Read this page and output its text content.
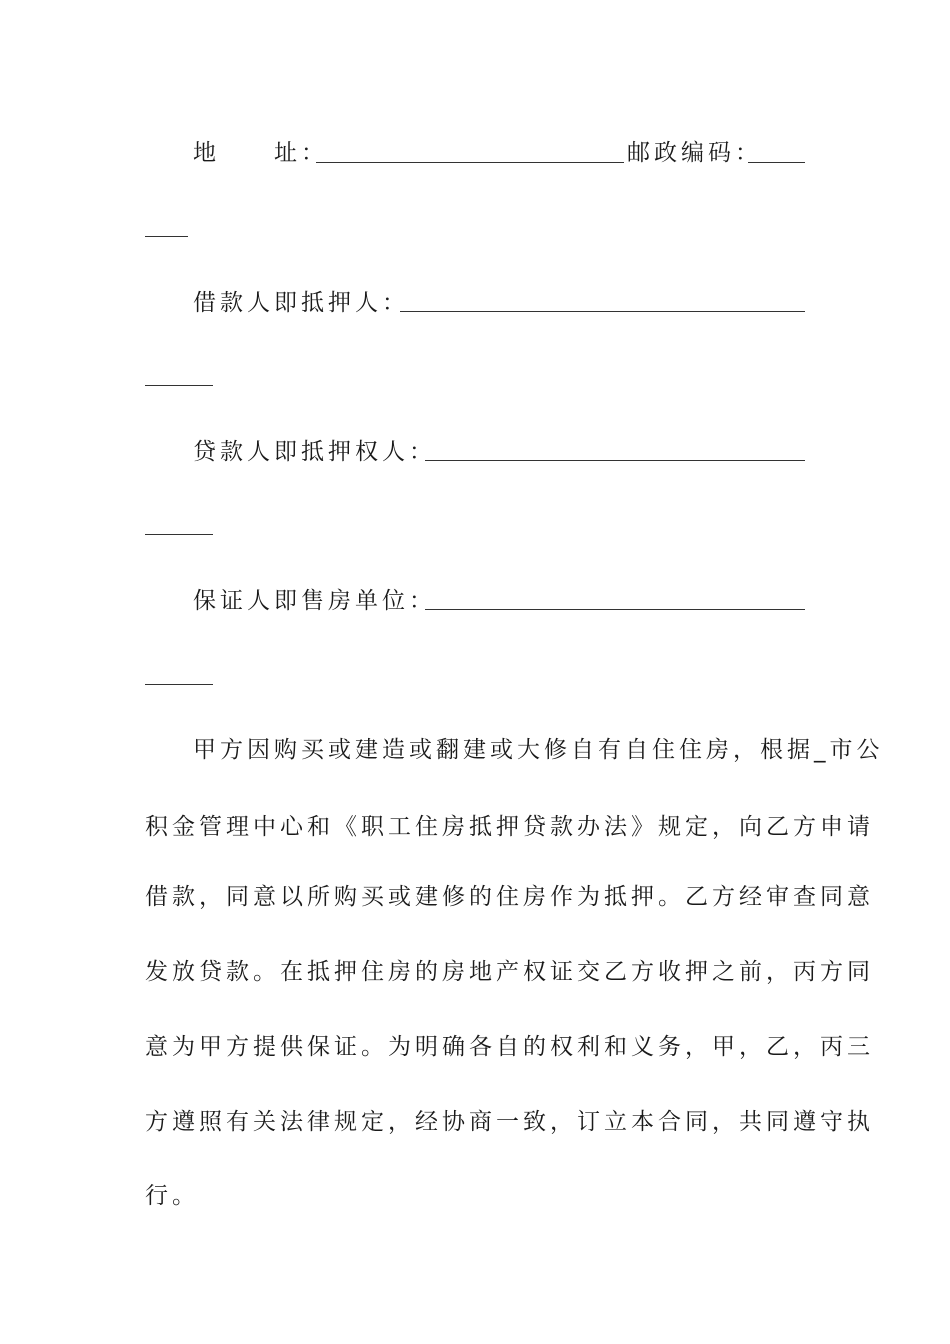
地　　址：	邮政编码：
借款人即抵押人：
贷款人即抵押权人：
保证人即售房单位：
甲方因购买或建造或翻建或大修自有自住住房，根据_市公
积金管理中心和《职工住房抵押贷款办法》规定，向乙方申请
借款，同意以所购买或建修的住房作为抵押。乙方经审查同意
发放贷款。在抵押住房的房地产权证交乙方收押之前，丙方同
意为甲方提供保证。为明确各自的权利和义务，甲，乙，丙三
方遵照有关法律规定，经协商一致，订立本合同，共同遵守执
行。
